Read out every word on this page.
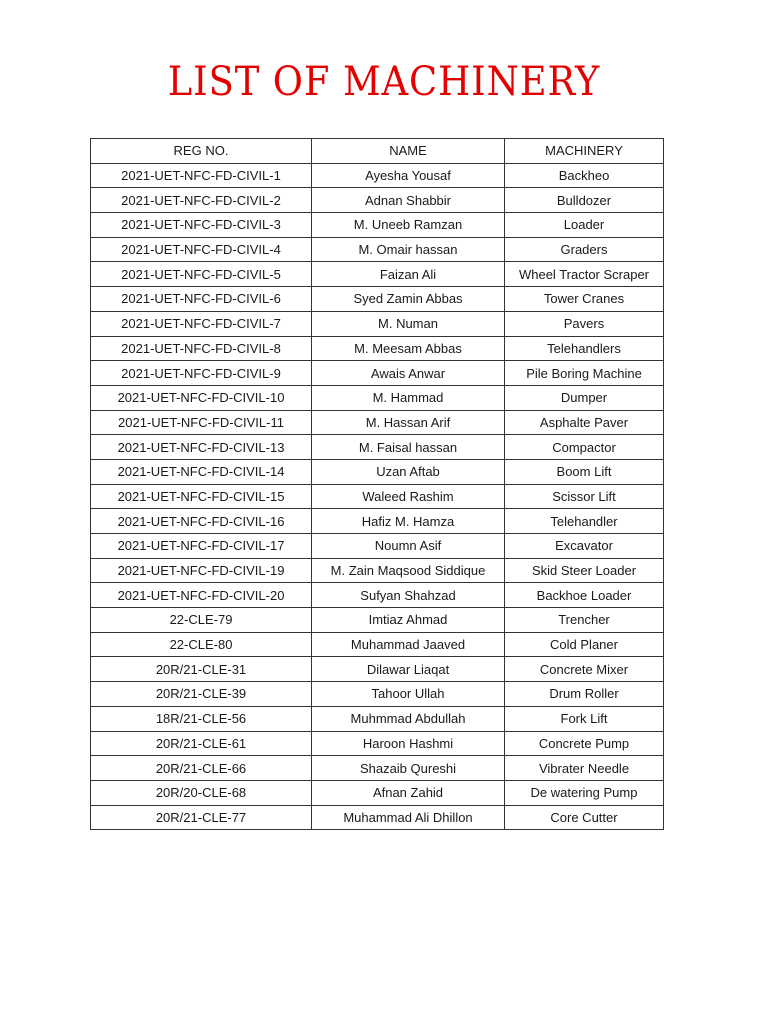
LIST OF MACHINERY
REG NO.	NAME	MACHINERY
2021-UET-NFC-FD-CIVIL-1	Ayesha Yousaf	Backheo
2021-UET-NFC-FD-CIVIL-2	Adnan Shabbir	Bulldozer
2021-UET-NFC-FD-CIVIL-3	M. Uneeb Ramzan	Loader
2021-UET-NFC-FD-CIVIL-4	M. Omair hassan	Graders
2021-UET-NFC-FD-CIVIL-5	Faizan Ali	Wheel Tractor Scraper
2021-UET-NFC-FD-CIVIL-6	Syed Zamin Abbas	Tower Cranes
2021-UET-NFC-FD-CIVIL-7	M. Numan	Pavers
2021-UET-NFC-FD-CIVIL-8	M. Meesam Abbas	Telehandlers
2021-UET-NFC-FD-CIVIL-9	Awais Anwar	Pile Boring Machine
2021-UET-NFC-FD-CIVIL-10	M. Hammad	Dumper
2021-UET-NFC-FD-CIVIL-11	M. Hassan Arif	Asphalte Paver
2021-UET-NFC-FD-CIVIL-13	M. Faisal hassan	Compactor
2021-UET-NFC-FD-CIVIL-14	Uzan Aftab	Boom Lift
2021-UET-NFC-FD-CIVIL-15	Waleed Rashim	Scissor Lift
2021-UET-NFC-FD-CIVIL-16	Hafiz M. Hamza	Telehandler
2021-UET-NFC-FD-CIVIL-17	Noumn Asif	Excavator
2021-UET-NFC-FD-CIVIL-19	M. Zain Maqsood Siddique	Skid Steer Loader
2021-UET-NFC-FD-CIVIL-20	Sufyan Shahzad	Backhoe Loader
22-CLE-79	Imtiaz Ahmad	Trencher
22-CLE-80	Muhammad Jaaved	Cold Planer
20R/21-CLE-31	Dilawar Liaqat	Concrete Mixer
20R/21-CLE-39	Tahoor Ullah	Drum Roller
18R/21-CLE-56	Muhmmad Abdullah	Fork Lift
20R/21-CLE-61	Haroon Hashmi	Concrete Pump
20R/21-CLE-66	Shazaib Qureshi	Vibrater Needle
20R/20-CLE-68	Afnan Zahid	De watering Pump
20R/21-CLE-77	Muhammad Ali Dhillon	Core Cutter
